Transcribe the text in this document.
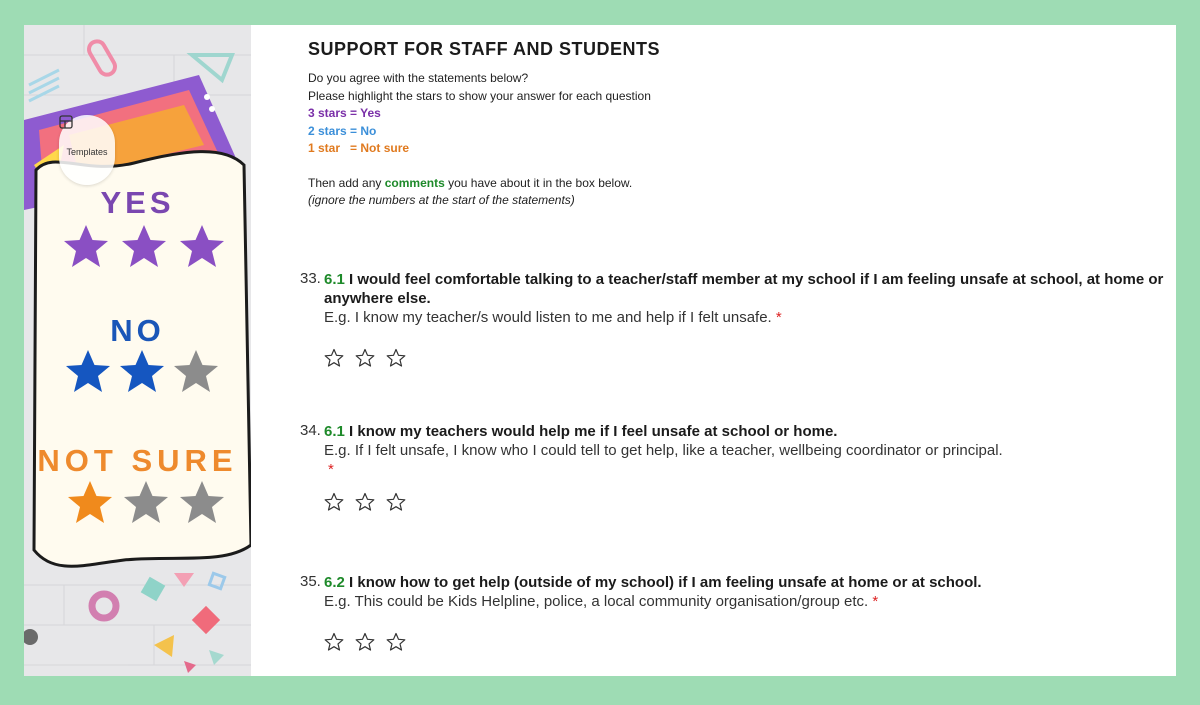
YES
NO
NOT SURE
Templates
SUPPORT FOR STAFF AND STUDENTS
Do you agree with the statements below?
Please highlight the stars to show your answer for each question
3 stars = Yes
2 stars = No
1 star   = Not sure
Then add any comments you have about it in the box below.
(ignore the numbers at the start of the statements)
33. 6.1 I would feel comfortable talking to a teacher/staff member at my school if I am feeling unsafe at school, at home or anywhere else.
E.g. I know my teacher/s would listen to me and help if I felt unsafe. *
34. 6.1 I know my teachers would help me if I feel unsafe at school or home.
E.g. If I felt unsafe, I know who I could tell to get help, like a teacher, wellbeing coordinator or principal.
*
35. 6.2 I know how to get help (outside of my school) if I am feeling unsafe at home or at school.
E.g. This could be Kids Helpline, police, a local community organisation/group etc. *
